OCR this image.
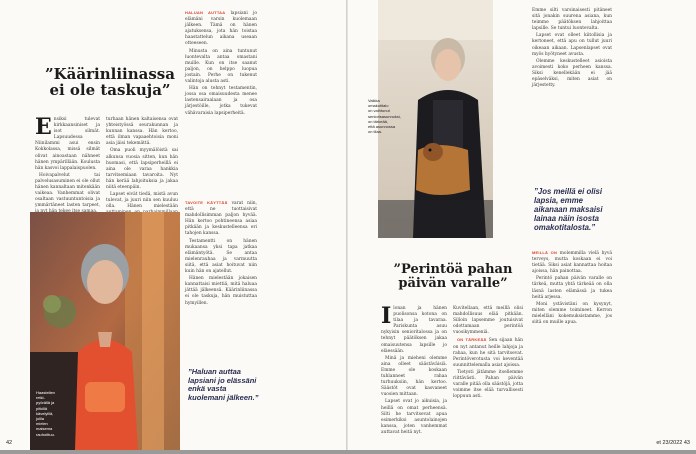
”Käärinliinassa
ei ole taskuja”
E nsiksi tulevat kirkkaansiniset ja isot silmät. Lapsuudessa Niinilammi asui ensin Kokkolassa, missä silmät olivat ainoastaan nähneet hänen ympärillään. Koulusta hän kasvoi lappalaispuolen.

Hoivapalvelut tai palvelusasuminen ei ole ollut hänen kannaltaan mitenkään vaikeaa. Vanhemmat olivat osaltaan vastuuntuntoisia ja ymmärtäneet lasten tarpeet,

turhaan hänen kaltaisensa ovat yhteistyössä seurakunnan ja kunnan kanssa. Hän kertoo, että ilman vapaaehtoisia moni asia jäisi tekemättä.

Oma puoli myymälöistä sai alkunsa vuosia sitten, kun hän huomasi, että lapsiperheillä ei aina ole varaa hankkia tarvitsemiaan tavaroita. Nyt hän kerää lahjoituksia ja jakaa niitä eteenpäin.

Lapset eivät tiedä, mistä avun tulevat, ja juuri niin sen kuuluu olla. Hänen mielestään

HALUAN AUTTAA lapsiani jo elämäni varsin kuolemaan jälkeen. Tämä on hänen ajatuksensa, jota hän toistaa haastattelun aikana useaan otteeseen.

Minusta on aina tuntunut luontevalta antaa omastani muille. Kun on itse saanut paljon, on helppo luopua jostain. Perhe on tukenut valintoja alusta asti.

Hän on tehnyt testamentin, jossa osa omaisuudesta menee lastensairaalaan ja osa järjestöille, jotka tukevat vähävaraisia lapsiperheitä.

TAVOITE KÄYTTÄÄ varat niin, että ne tuottaisivat mahdollisimman paljon hyvää. Hän kertoo pohtineensa asiaa pitkään ja keskustelleensa eri tahojen kanssa.

Testamentti on hänen mukaansa yksi tapa jatkaa elämäntyötä. Se antaa mielenrauhaa ja varmuutta siitä, että asiat hoituvat niin kuin hän on ajatellut.

Hänen mielestään jokaisen kannattaisi miettiä, mitä haluaa jättää jälkeensä. Käärinliinassa ei ole taskuja, hän muistuttaa hymyillen.

”Haluan auttaa
lapsiani jo elässäni
enkä vasta
kuolemani jälkeen.”
Haastellen
retki-
pyörällä ja
pitkillä
kävelyillä,
joilla
mielen
maisema
rauhoittuu.
42
Vaikka
omakotitalo
on vaihtunut
seniorisasunnoksi,
on tärkeää,
että asunnossa
on tilaa.
”Perintöä pahan
päivän varalle”
I lonan ja hänen puolisonsa kotona on tilaa ja tavaraa. Pariskunta asuu nykyisin senioritalossa ja on tehnyt päätöksen jakaa omaisuutensa lapsille jo eläessään.

Minä ja mieheni olemme aina olleet säästäväisiä. Emme ole koskaan tuhlanneet rahaa turhuuksiin, hän kertoo. Säästöt ovat kasvaneet vuosien mittaan.

Lapset ovat jo aikuisia, ja heillä on omat perheensä. Silti he tarvitsevat apua esimerkiksi asuntolainojen kanssa, joten vanhemmat auttavat heitä nyt.

Kuvitellaan, että meillä olisi mahdollisuus elää pitkään. Silloin lapsemme joutuisivat odottamaan perintöä vuosikymmeniä.

ON TÄRKEÄÄ Sen sijaan hän on nyt antanut heille lahjoja ja rahaa, kun he sitä tarvitsevat. Perintöverotusta voi keventää suunnittelemalla asiat ajoissa.

Tietysti jätämme itsellemme riittävästi. Pahan päivän varalle pitää olla säästöjä, jotta voimme itse elää turvallisesti loppuun asti.

Emme silti varsinaisesti pitäneet sitä jonakin suurena asiana, kun teimme päätöksen lahjoittaa lapsille. Se tuntui luontevalta.

Lapset ovat olleet kiitollisia ja kertoneet, että apu on tullut juuri oikeaan aikaan. Lapsenlapset ovat myös hyötyneet avusta.

Olemme keskustelleet asioista avoimesti koko perheen kanssa. Siksi kenellekään ei jää epäselväksi, miten asiat on järjestetty.

”Jos meillä ei olisi
lapsia, emme
aikanaan maksaisi
lainaa näin isosta
omakotitalosta.”

MEILLÄ ON molemmilla vielä hyvä terveys, mutta koskaan ei voi tietää. Siksi asiat kannattaa hoitaa ajoissa, hän painottaa.

Perintö pahan päivän varalle on tärkeä, mutta yhtä tärkeää on olla läsnä lasten elämässä ja tukea heitä arjessa.

Moni ystävistäni on kysynyt, miten olemme toimineet. Kerron mielelläni kokemuksistamme, jos siitä on muille apua.

et 23/2022 43
